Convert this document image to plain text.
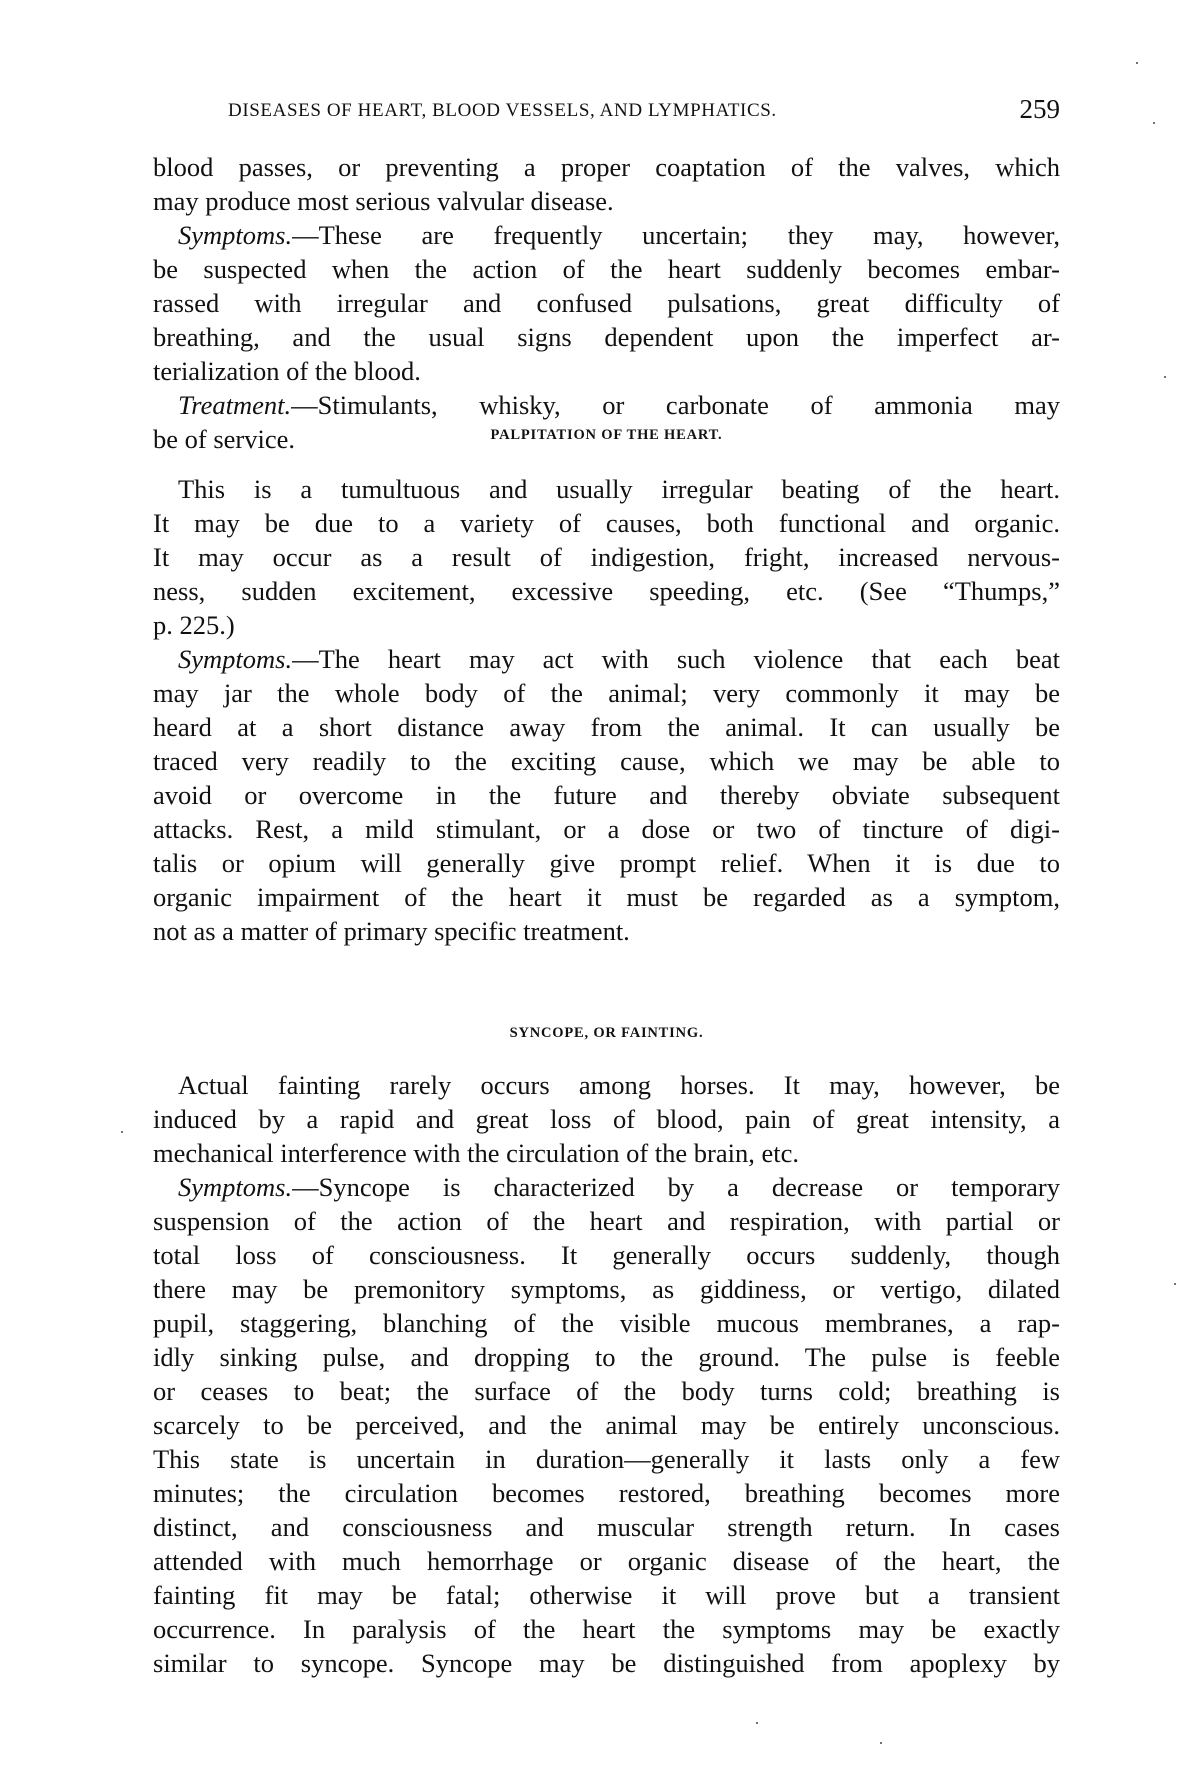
DISEASES OF HEART, BLOOD VESSELS, AND LYMPHATICS.	259
blood passes, or preventing a proper coaptation of the valves, which
may produce most serious valvular disease.
Symptoms.—These are frequently uncertain; they may, however,
be suspected when the action of the heart suddenly becomes embar-
rassed with irregular and confused pulsations, great difficulty of
breathing, and the usual signs dependent upon the imperfect ar-
terialization of the blood.
Treatment.—Stimulants, whisky, or carbonate of ammonia may
be of service.	PALPITATION OF THE HEART.
This is a tumultuous and usually irregular beating of the heart.
It may be due to a variety of causes, both functional and organic.
It may occur as a result of indigestion, fright, increased nervous-
ness, sudden excitement, excessive speeding, etc. (See “Thumps,”
p. 225.)
Symptoms.—The heart may act with such violence that each beat
may jar the whole body of the animal; very commonly it may be
heard at a short distance away from the animal. It can usually be
traced very readily to the exciting cause, which we may be able to
avoid or overcome in the future and thereby obviate subsequent
attacks. Rest, a mild stimulant, or a dose or two of tincture of digi-
talis or opium will generally give prompt relief. When it is due to
organic impairment of the heart it must be regarded as a symptom,
not as a matter of primary specific treatment.
SYNCOPE, OR FAINTING.
Actual fainting rarely occurs among horses. It may, however, be
induced by a rapid and great loss of blood, pain of great intensity, a
mechanical interference with the circulation of the brain, etc.
Symptoms.—Syncope is characterized by a decrease or temporary
suspension of the action of the heart and respiration, with partial or
total loss of consciousness. It generally occurs suddenly, though
there may be premonitory symptoms, as giddiness, or vertigo, dilated
pupil, staggering, blanching of the visible mucous membranes, a rap-
idly sinking pulse, and dropping to the ground. The pulse is feeble
or ceases to beat; the surface of the body turns cold; breathing is
scarcely to be perceived, and the animal may be entirely unconscious.
This state is uncertain in duration—generally it lasts only a few
minutes; the circulation becomes restored, breathing becomes more
distinct, and consciousness and muscular strength return. In cases
attended with much hemorrhage or organic disease of the heart, the
fainting fit may be fatal; otherwise it will prove but a transient
occurrence. In paralysis of the heart the symptoms may be exactly
similar to syncope. Syncope may be distinguished from apoplexy by
